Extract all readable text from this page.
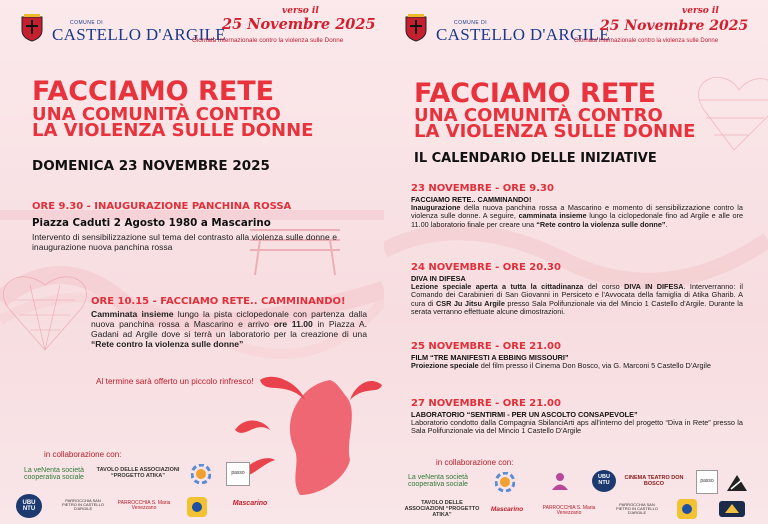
COMUNE DI
CASTELLO D'ARGILE
verso il
25 Novembre 2025
Giornata Internazionale contro la violenza sulle Donne
FACCIAMO RETE
UNA COMUNITÀ CONTRO
LA VIOLENZA SULLE DONNE
DOMENICA 23 NOVEMBRE 2025
ORE 9.30 - INAUGURAZIONE PANCHINA ROSSA
Piazza Caduti 2 Agosto 1980 a Mascarino
Intervento di sensibilizzazione sul tema del contrasto alla violenza sulle donne e inaugurazione nuova panchina rossa
ORE 10.15 - FACCIAMO RETE.. CAMMINANDO!
Camminata insieme lungo la pista ciclopedonale con partenza dalla nuova panchina rossa a Mascarino e arrivo ore 11.00 in Piazza A. Gadani ad Argile dove si terrà un laboratorio per la creazione di una “Rete contro la violenza sulle donne”
Al termine sarà offerto un piccolo rinfresco!
in collaborazione con:
La veNenta società cooperativa sociale
TAVOLO DELLE ASSOCIAZIONI “PROGETTO ATIKA”	passo
UBU NTU
PARROCCHIA SAN PIETRO IN CASTELLO D'ARGILE
PARROCCHIA S. Maria Venezzano
Mascarino
COMUNE DI
CASTELLO D'ARGILE
verso il
25 Novembre 2025
Giornata Internazionale contro la violenza sulle Donne
FACCIAMO RETE
UNA COMUNITÀ CONTRO
LA VIOLENZA SULLE DONNE
IL CALENDARIO DELLE INIZIATIVE
23 NOVEMBRE - ORE 9.30
FACCIAMO RETE.. CAMMINANDO!
Inaugurazione della nuova panchina rossa a Mascarino e momento di sensibilizzazione contro la violenza sulle donne. A seguire, camminata insieme lungo la ciclopedonale fino ad Argile e alle ore 11.00 laboratorio finale per creare una “Rete contro la violenza sulle donne”.
24 NOVEMBRE - ORE 20.30
DIVA IN DIFESA
Lezione speciale aperta a tutta la cittadinanza del corso DIVA IN DIFESA. Interverranno: il Comando dei Carabinieri di San Giovanni in Persiceto e l'Avvocata della famiglia di Atika Gharib. A cura di CSR Ju Jitsu Argile presso Sala Polifunzionale via del Mincio 1 Castello d'Argile. Durante la serata verranno effettuate alcune dimostrazioni.
25 NOVEMBRE - ORE 21.00
FILM “TRE MANIFESTI A EBBING MISSOURI”
Proiezione speciale del film presso il Cinema Don Bosco, via G. Marconi 5 Castello D'Argile
27 NOVEMBRE - ORE 21.00
LABORATORIO “SENTIRMI - PER UN ASCOLTO CONSAPEVOLE”
Laboratorio condotto dalla Compagnia SbilanciArti aps all'interno del progetto “Diva in Rete” presso la Sala Polifunzionale via del Mincio 1 Castello D'Argile
in collaborazione con:
La veNenta società cooperativa sociale
UBU NTU
CINEMA TEATRO DON BOSCO	passo
TAVOLO DELLE ASSOCIAZIONI “PROGETTO ATIKA”
Mascarino	PARROCCHIA S. Maria Venezzano
PARROCCHIA SAN PIETRO IN CASTELLO D'ARGILE
